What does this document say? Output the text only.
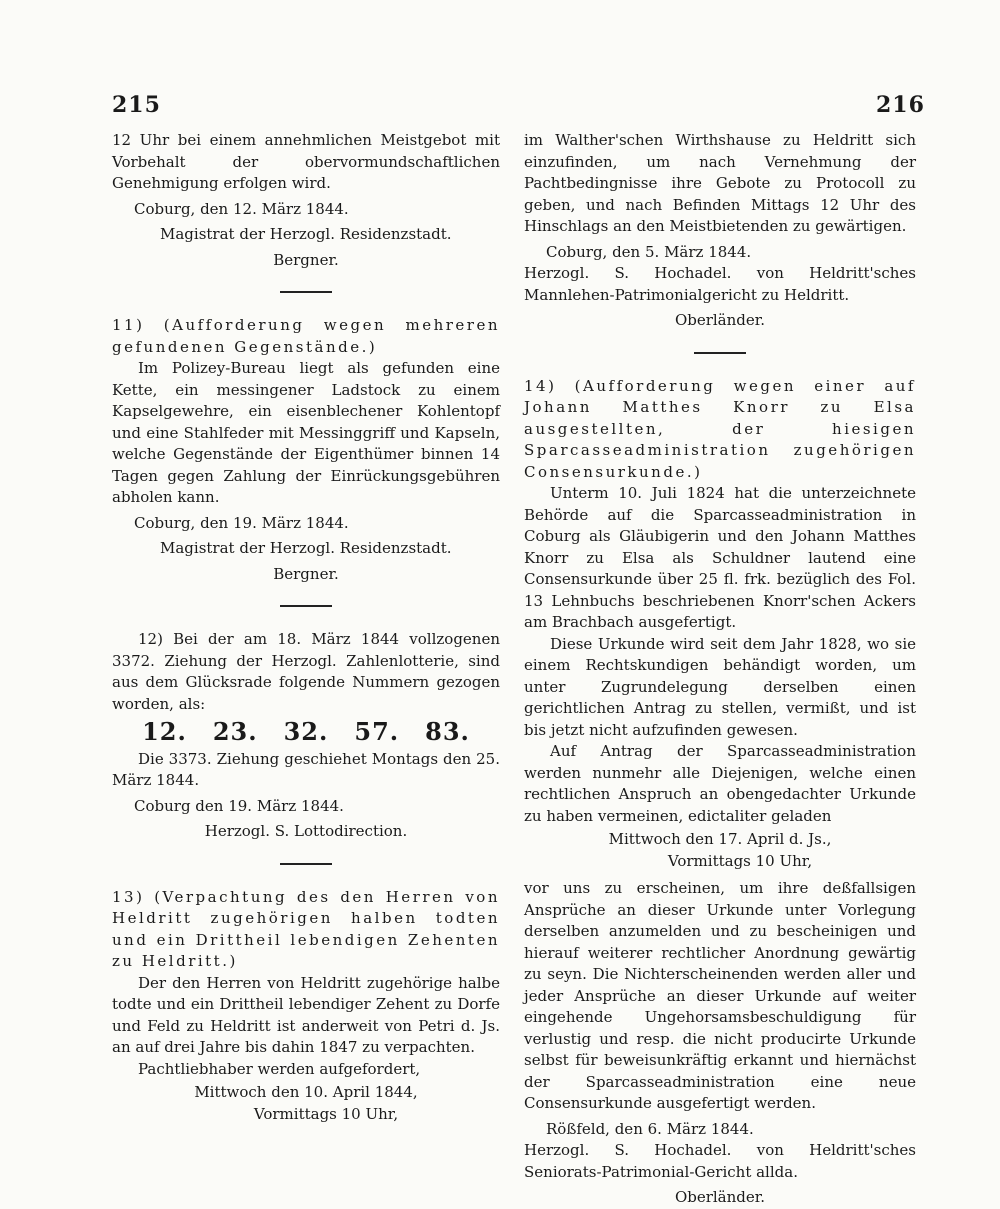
215	216

12 Uhr bei einem annehmlichen Meistgebot mit Vorbehalt der obervormundschaftlichen Genehmigung erfolgen wird.

Coburg, den 12. März 1844.

Magistrat der Herzogl. Residenzstadt.

Bergner.

11) (Aufforderung wegen mehreren gefundenen Gegenstände.)

Im Polizey-Bureau liegt als gefunden eine Kette, ein messingener Ladstock zu einem Kapselgewehre, ein eisenblechener Kohlentopf und eine Stahlfeder mit Messinggriff und Kapseln, welche Gegenstände der Eigenthümer binnen 14 Tagen gegen Zahlung der Einrückungsgebühren abholen kann.

Coburg, den 19. März 1844.

Magistrat der Herzogl. Residenzstadt.

Bergner.

12) Bei der am 18. März 1844 vollzogenen 3372. Ziehung der Herzogl. Zahlenlotterie, sind aus dem Glücksrade folgende Nummern gezogen worden, als:

12. 23. 32. 57. 83.

Die 3373. Ziehung geschiehet Montags den 25. März 1844.

Coburg den 19. März 1844.

Herzogl. S. Lottodirection.

13) (Verpachtung des den Herren von Heldritt zugehörigen halben todten und ein Drittheil lebendigen Zehenten zu Heldritt.)

Der den Herren von Heldritt zugehörige halbe todte und ein Drittheil lebendiger Zehent zu Dorfe und Feld zu Heldritt ist anderweit von Petri d. Js. an auf drei Jahre bis dahin 1847 zu verpachten.

Pachtliebhaber werden aufgefordert,

Mittwoch den 10. April 1844,

Vormittags 10 Uhr,

im Walther'schen Wirthshause zu Heldritt sich einzufinden, um nach Vernehmung der Pachtbedingnisse ihre Gebote zu Protocoll zu geben, und nach Befinden Mittags 12 Uhr des Hinschlags an den Meistbietenden zu gewärtigen.

Coburg, den 5. März 1844.

Herzogl. S. Hochadel. von Heldritt'sches Mannlehen-Patrimonialgericht zu Heldritt.

Oberländer.

14) (Aufforderung wegen einer auf Johann Matthes Knorr zu Elsa ausgestellten, der hiesigen Sparcasseadministration zugehörigen Consensurkunde.)

Unterm 10. Juli 1824 hat die unterzeichnete Behörde auf die Sparcasseadministration in Coburg als Gläubigerin und den Johann Matthes Knorr zu Elsa als Schuldner lautend eine Consensurkunde über 25 fl. frk. bezüglich des Fol. 13 Lehnbuchs beschriebenen Knorr'schen Ackers am Brachbach ausgefertigt.

Diese Urkunde wird seit dem Jahr 1828, wo sie einem Rechtskundigen behändigt worden, um unter Zugrundelegung derselben einen gerichtlichen Antrag zu stellen, vermißt, und ist bis jetzt nicht aufzufinden gewesen.

Auf Antrag der Sparcasseadministration werden nunmehr alle Diejenigen, welche einen rechtlichen Anspruch an obengedachter Urkunde zu haben vermeinen, edictaliter geladen

Mittwoch den 17. April d. Js.,

Vormittags 10 Uhr,

vor uns zu erscheinen, um ihre deßfallsigen Ansprüche an dieser Urkunde unter Vorlegung derselben anzumelden und zu bescheinigen und hierauf weiterer rechtlicher Anordnung gewärtig zu seyn. Die Nichterscheinenden werden aller und jeder Ansprüche an dieser Urkunde auf weiter eingehende Ungehorsamsbeschuldigung für verlustig und resp. die nicht producirte Urkunde selbst für beweisunkräftig erkannt und hiernächst der Sparcasseadministration eine neue Consensurkunde ausgefertigt werden.

Rößfeld, den 6. März 1844.

Herzogl. S. Hochadel. von Heldritt'sches Seniorats-Patrimonial-Gericht allda.

Oberländer.
